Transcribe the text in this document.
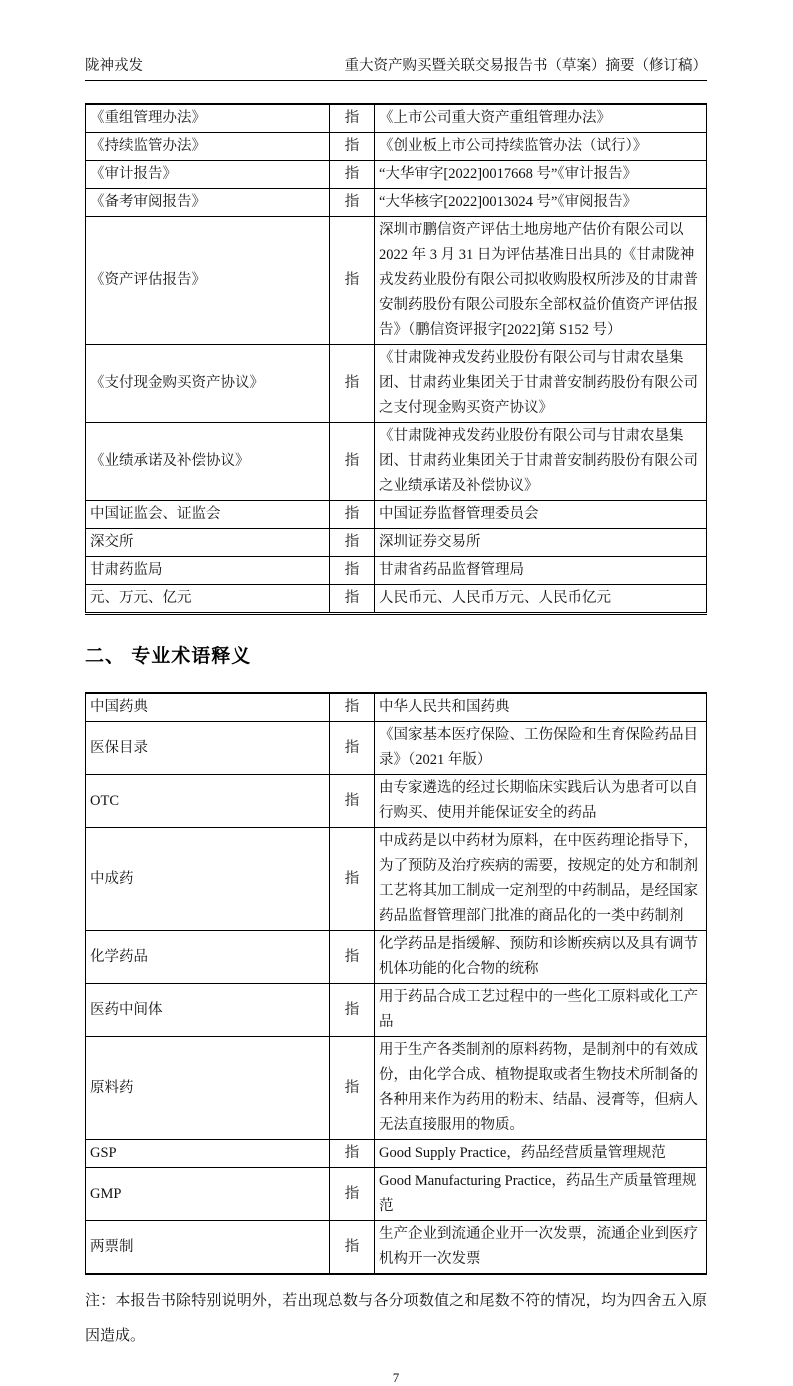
陇神戎发	重大资产购买暨关联交易报告书（草案）摘要（修订稿）
《重组管理办法》	指	《上市公司重大资产重组管理办法》
《持续监管办法》	指	《创业板上市公司持续监管办法（试行）》
《审计报告》	指	“大华审字[2022]0017668 号”《审计报告》
《备考审阅报告》	指	“大华核字[2022]0013024 号”《审阅报告》
《资产评估报告》	指	深圳市鹏信资产评估土地房地产估价有限公司以 2022 年 3 月 31 日为评估基准日出具的《甘肃陇神戎发药业股份有限公司拟收购股权所涉及的甘肃普安制药股份有限公司股东全部权益价值资产评估报告》（鹏信资评报字[2022]第 S152 号）
《支付现金购买资产协议》	指	《甘肃陇神戎发药业股份有限公司与甘肃农垦集团、甘肃药业集团关于甘肃普安制药股份有限公司之支付现金购买资产协议》
《业绩承诺及补偿协议》	指	《甘肃陇神戎发药业股份有限公司与甘肃农垦集团、甘肃药业集团关于甘肃普安制药股份有限公司之业绩承诺及补偿协议》
中国证监会、证监会	指	中国证券监督管理委员会
深交所	指	深圳证券交易所
甘肃药监局	指	甘肃省药品监督管理局
元、万元、亿元	指	人民币元、人民币万元、人民币亿元
二、 专业术语释义
中国药典	指	中华人民共和国药典
医保目录	指	《国家基本医疗保险、工伤保险和生育保险药品目录》（2021 年版）
OTC	指	由专家遴选的经过长期临床实践后认为患者可以自行购买、使用并能保证安全的药品
中成药	指	中成药是以中药材为原料，在中医药理论指导下，为了预防及治疗疾病的需要，按规定的处方和制剂工艺将其加工制成一定剂型的中药制品，是经国家药品监督管理部门批准的商品化的一类中药制剂
化学药品	指	化学药品是指缓解、预防和诊断疾病以及具有调节机体功能的化合物的统称
医药中间体	指	用于药品合成工艺过程中的一些化工原料或化工产品
原料药	指	用于生产各类制剂的原料药物，是制剂中的有效成份，由化学合成、植物提取或者生物技术所制备的各种用来作为药用的粉末、结晶、浸膏等，但病人无法直接服用的物质。
GSP	指	Good Supply Practice，药品经营质量管理规范
GMP	指	Good Manufacturing Practice，药品生产质量管理规范
两票制	指	生产企业到流通企业开一次发票，流通企业到医疗机构开一次发票

注：本报告书除特别说明外，若出现总数与各分项数值之和尾数不符的情况，均为四舍五入原因造成。

7
